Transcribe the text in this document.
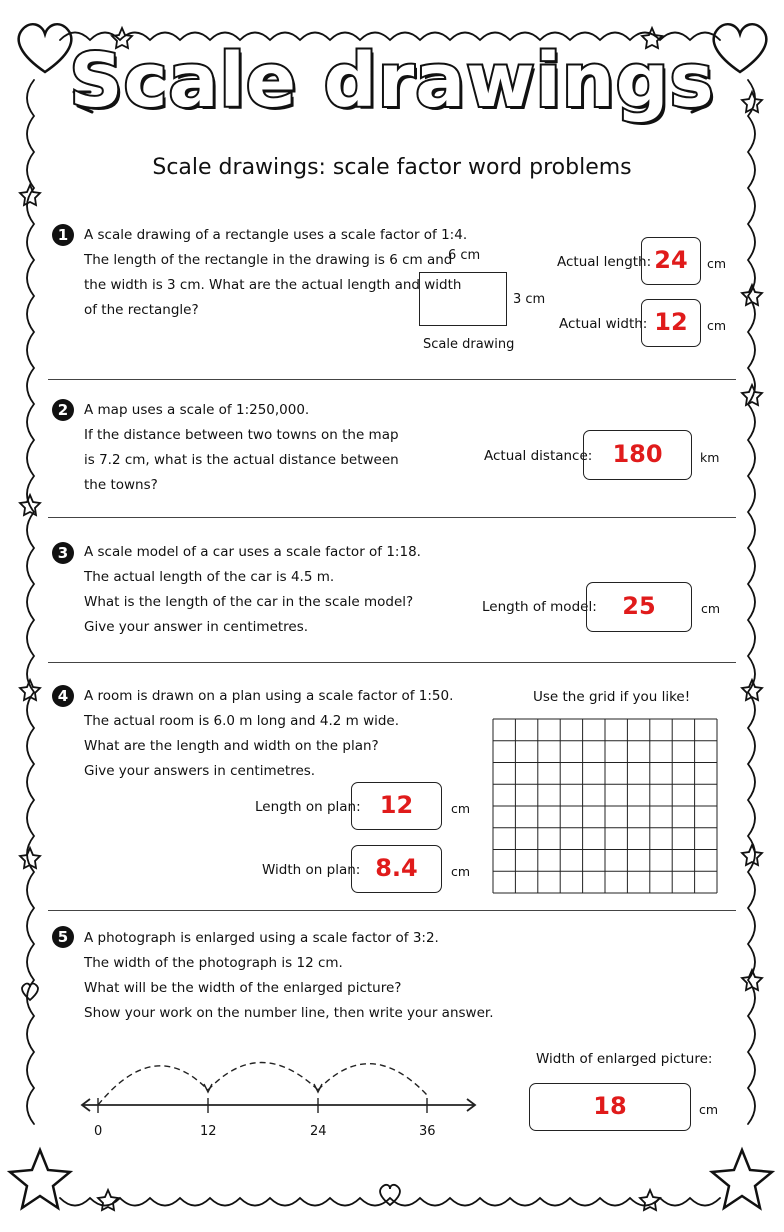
Scale drawings
Scale drawings: scale factor word problems
1	A scale drawing of a rectangle uses a scale factor of 1:4.
The length of the rectangle in the drawing is 6 cm and
the width is 3 cm. What are the actual length and width
of the rectangle?
6 cm
3 cm
Scale drawing
Actual length: 24	cm
Actual width: 12	cm
2	A map uses a scale of 1:250,000.
If the distance between two towns on the map
is 7.2 cm, what is the actual distance between
the towns?
Actual distance: 180	km
3	A scale model of a car uses a scale factor of 1:18.
The actual length of the car is 4.5 m.
What is the length of the car in the scale model?
Give your answer in centimetres.
Length of model:	25	cm
4	A room is drawn on a plan using a scale factor of 1:50.
The actual room is 6.0 m long and 4.2 m wide.
What are the length and width on the plan?
Give your answers in centimetres.
Use the grid if you like!
Length on plan: 12	cm
Width on plan: 8.4	cm
5	A photograph is enlarged using a scale factor of 3:2.
The width of the photograph is 12 cm.
What will be the width of the enlarged picture?
Show your work on the number line, then write your answer.
0	12	24	36
Width of enlarged picture:
18	cm
